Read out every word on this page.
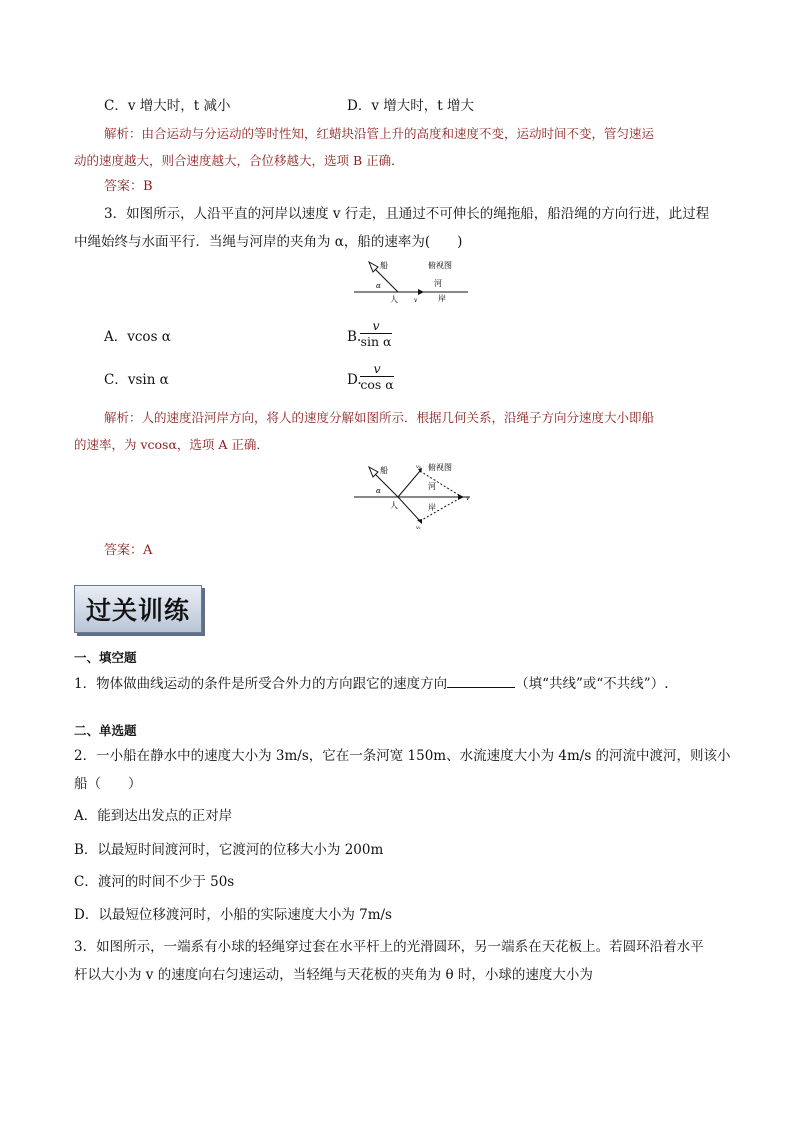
C．v 增大时，t 减小	D．v 增大时，t 增大
解析：由合运动与分运动的等时性知，红蜡块沿管上升的高度和速度不变，运动时间不变，管匀速运
动的速度越大，则合速度越大，合位移越大，选项 B 正确．
答案：B
3．如图所示，人沿平直的河岸以速度 v 行走，且通过不可伸长的绳拖船，船沿绳的方向行进，此过程
中绳始终与水面平行．当绳与河岸的夹角为 α，船的速率为(　　)
船	俯视图
河
岸
α
人	v
A．vcos α	B.
v
sin α
C．vsin α	D.
v
cos α
解析：人的速度沿河岸方向，将人的速度分解如图所示．根据几何关系，沿绳子方向分速度大小即船
的速率，为 vcosα，选项 A 正确．
船	v₂ 俯视图
河
α
v
人	岸
v₁
答案：A
过关训练
一、填空题
1．物体做曲线运动的条件是所受合外力的方向跟它的速度方向	（填“共线”或“不共线”）.
二、单选题
2．一小船在静水中的速度大小为 3m/s，它在一条河宽 150m、水流速度大小为 4m/s 的河流中渡河，则该小
船（　　）
A．能到达出发点的正对岸
B．以最短时间渡河时，它渡河的位移大小为 200m
C．渡河的时间不少于 50s
D．以最短位移渡河时，小船的实际速度大小为 7m/s
3．如图所示，一端系有小球的轻绳穿过套在水平杆上的光滑圆环，另一端系在天花板上。若圆环沿着水平
杆以大小为 v 的速度向右匀速运动，当轻绳与天花板的夹角为 θ 时，小球的速度大小为
